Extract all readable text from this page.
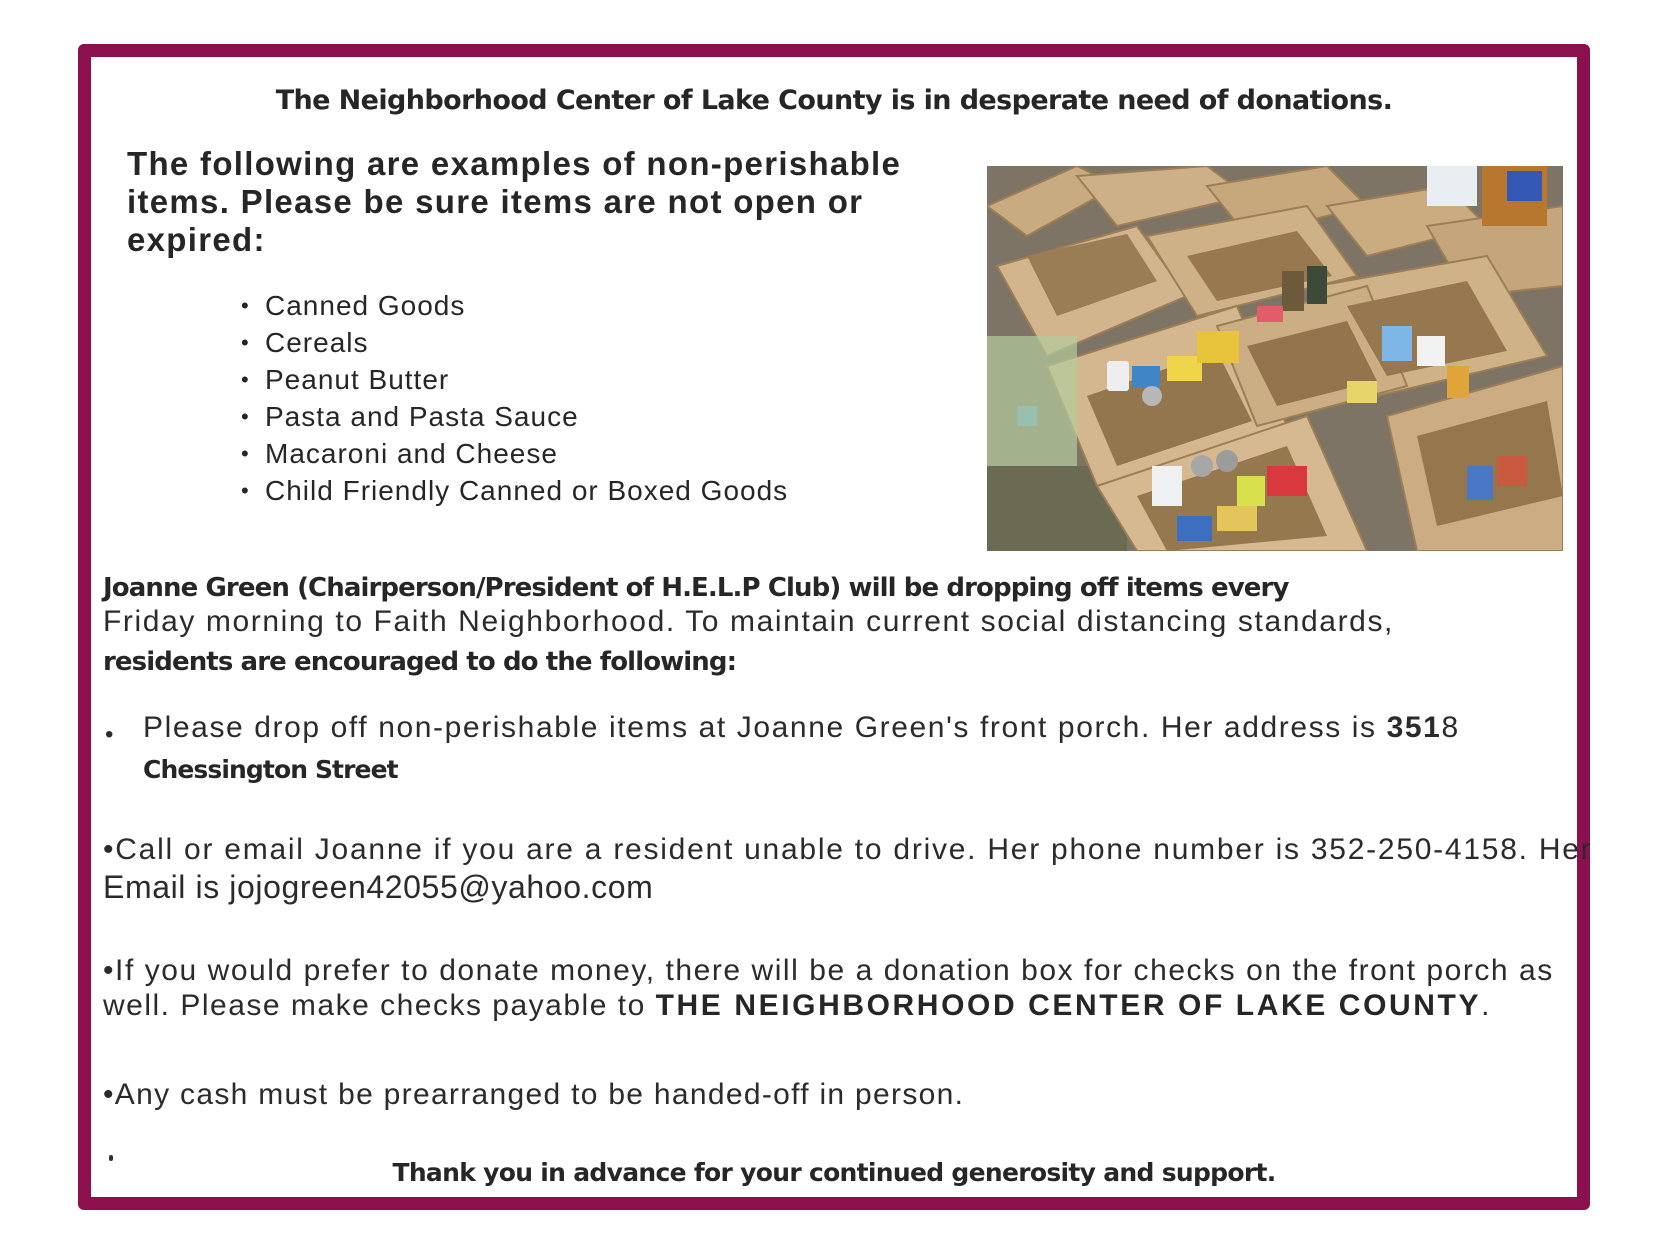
The Neighborhood Center of Lake County is in desperate need of donations.

The following are examples of non-perishable items. Please be sure items are not open or expired:

• Canned Goods
• Cereals
• Peanut Butter
• Pasta and Pasta Sauce
• Macaroni and Cheese
• Child Friendly Canned or Boxed Goods
Joanne Green (Chairperson/President of H.E.L.P Club) will be dropping off items every
Friday morning to Faith Neighborhood. To maintain current social distancing standards,
residents are encouraged to do the following:
• Please drop off non-perishable items at Joanne Green's front porch. Her address is 3518
Chessington Street
•Call or email Joanne if you are a resident unable to drive. Her phone number is 352-250-4158. Her
Email is jojogreen42055@yahoo.com
•If you would prefer to donate money, there will be a donation box for checks on the front porch as
well. Please make checks payable to THE NEIGHBORHOOD CENTER OF LAKE COUNTY.
•Any cash must be prearranged to be handed-off in person.
Thank you in advance for your continued generosity and support.
